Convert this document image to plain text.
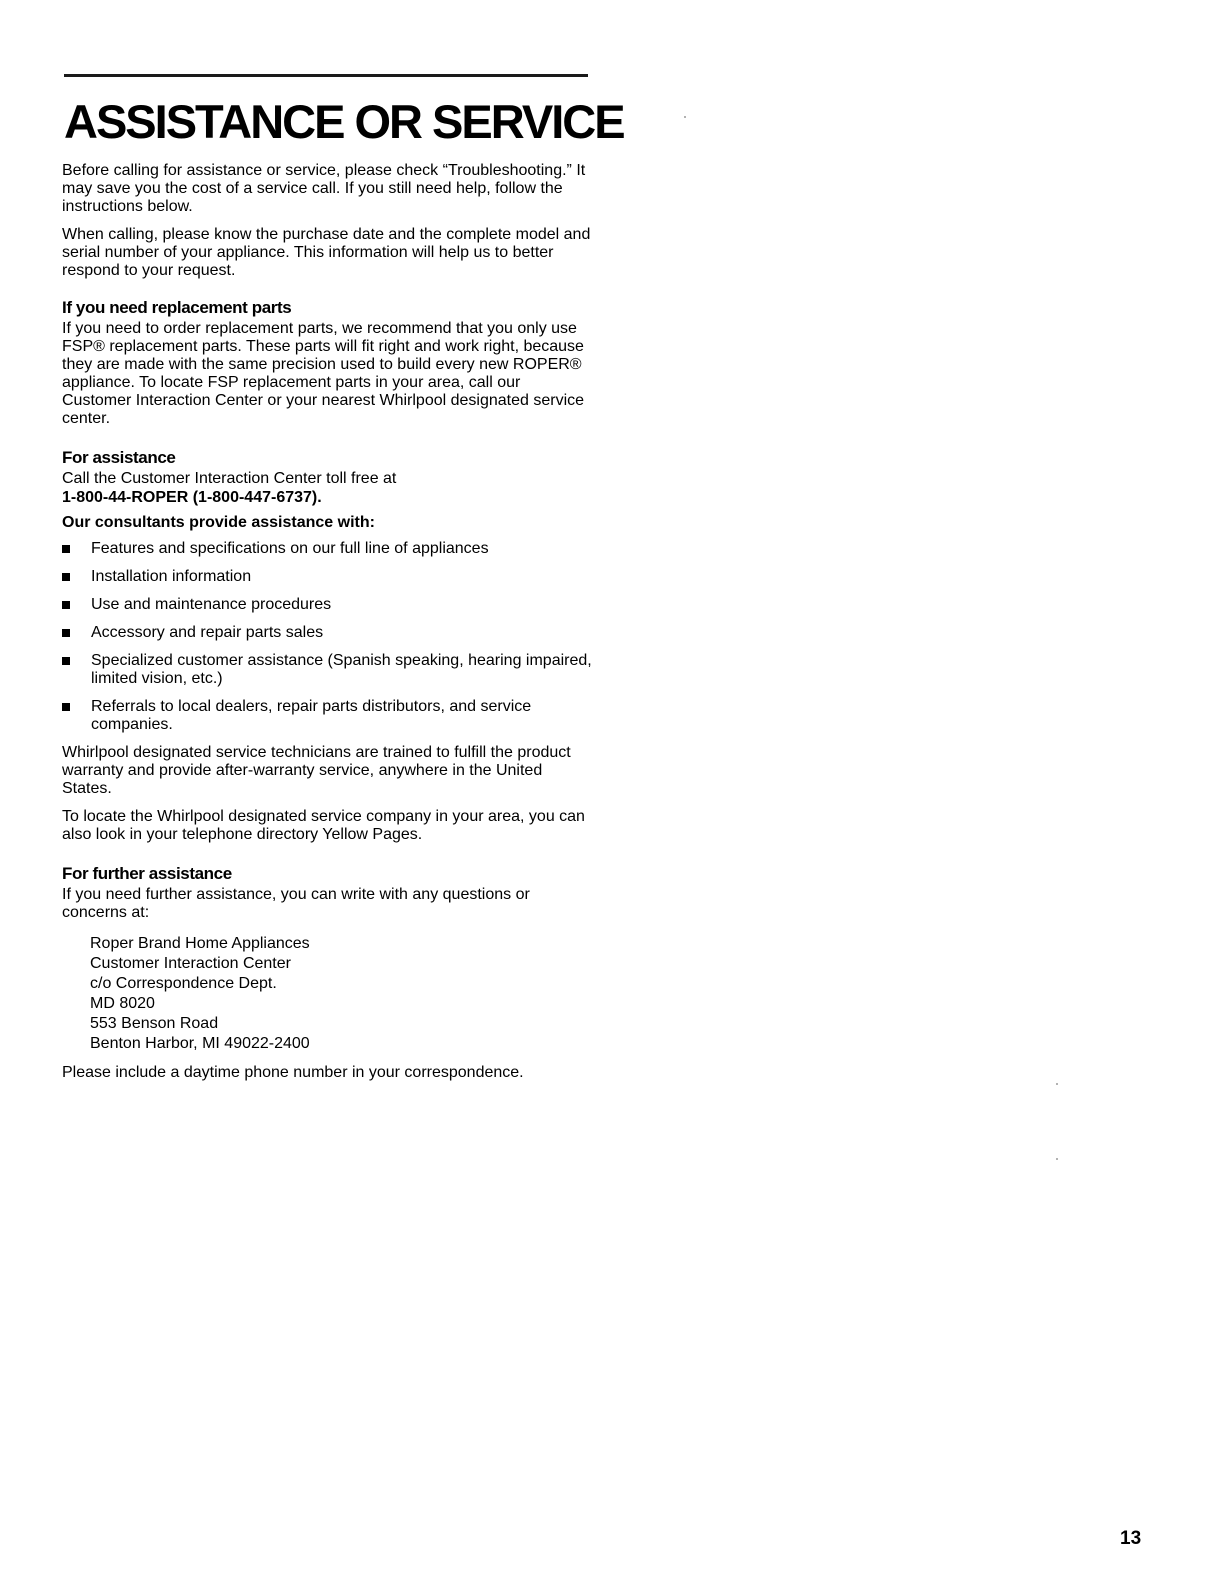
ASSISTANCE OR SERVICE

Before calling for assistance or service, please check “Troubleshooting.” It may save you the cost of a service call. If you still need help, follow the instructions below.

When calling, please know the purchase date and the complete model and serial number of your appliance. This information will help us to better respond to your request.

If you need replacement parts

If you need to order replacement parts, we recommend that you only use FSP® replacement parts. These parts will fit right and work right, because they are made with the same precision used to build every new ROPER® appliance. To locate FSP replacement parts in your area, call our Customer Interaction Center or your nearest Whirlpool designated service center.

For assistance

Call the Customer Interaction Center toll free at

1-800-44-ROPER (1-800-447-6737).

Our consultants provide assistance with:

Features and specifications on our full line of appliances
Installation information
Use and maintenance procedures
Accessory and repair parts sales
Specialized customer assistance (Spanish speaking, hearing impaired, limited vision, etc.)
Referrals to local dealers, repair parts distributors, and service companies.

Whirlpool designated service technicians are trained to fulfill the product warranty and provide after-warranty service, anywhere in the United States.

To locate the Whirlpool designated service company in your area, you can also look in your telephone directory Yellow Pages.

For further assistance

If you need further assistance, you can write with any questions or concerns at:

Roper Brand Home Appliances
Customer Interaction Center
c/o Correspondence Dept.
MD 8020
553 Benson Road
Benton Harbor, MI 49022-2400

Please include a daytime phone number in your correspondence.

13
